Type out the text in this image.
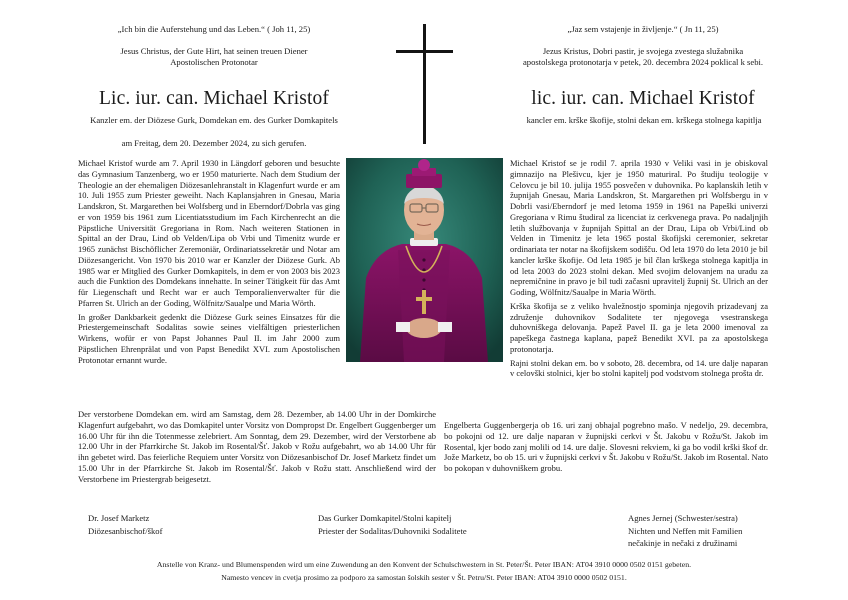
„Ich bin die Auferstehung und das Leben.“ ( Joh 11, 25)
Jesus Christus, der Gute Hirt, hat seinen treuen Diener
Apostolischen Protonotar
Lic. iur. can. Michael Kristof
Kanzler em. der Diözese Gurk, Domdekan em. des Gurker Domkapitels
am Freitag, dem 20. Dezember 2024, zu sich gerufen.
„Jaz sem vstajenje in življenje.“ ( Jn 11, 25)
Jezus Kristus, Dobri pastir, je svojega zvestega služabnika
apostolskega protonotarja v petek, 20. decembra 2024 poklical k sebi.
lic. iur. can. Michael Kristof
kancler em. krške škofije, stolni dekan em. krškega stolnega kapitlja

Michael Kristof wurde am 7. April 1930 in Längdorf geboren und besuchte das Gymnasium Tanzenberg, wo er 1950 maturierte. Nach dem Studium der Theologie an der ehemaligen Diözesanlehranstalt in Klagenfurt wurde er am 10. Juli 1955 zum Priester geweiht. Nach Kaplansjahren in Gnesau, Maria Landskron, St. Margarethen bei Wolfsberg und in Eberndorf/Dobrla vas ging er von 1959 bis 1961 zum Licentiatsstudium im Fach Kirchenrecht an die Päpstliche Universität Gregoriana in Rom. Nach weiteren Stationen in Spittal an der Drau, Lind ob Velden/Lipa ob Vrbi und Timenitz wurde er 1965 zunächst Bischöflicher Zeremoniär, Ordinariatssekretär und Notar am Diözesangericht. Von 1970 bis 2010 war er Kanzler der Diözese Gurk. Ab 1985 war er Mitglied des Gurker Domkapitels, in dem er von 2003 bis 2023 auch die Funktion des Domdekans innehatte. In seiner Tätigkeit für das Amt für Liegenschaft und Recht war er auch Temporalienverwalter für die Pfarren St. Ulrich an der Goding, Wölfnitz/Saualpe und Maria Wörth.

In großer Dankbarkeit gedenkt die Diözese Gurk seines Einsatzes für die Priestergemeinschaft Sodalitas sowie seines vielfältigen priesterlichen Wirkens, wofür er von Papst Johannes Paul II. im Jahr 2000 zum Päpstlichen Ehrenprälat und von Papst Benedikt XVI. zum Apostolischen Protonotar ernannt wurde.

Der verstorbene Domdekan em. wird am Samstag, dem 28. Dezember, ab 14.00 Uhr in der Domkirche Klagenfurt aufgebahrt, wo das Domkapitel unter Vorsitz von Dompropst Dr. Engelbert Guggenberger um 16.00 Uhr für ihn die Totenmesse zelebriert. Am Sonntag, dem 29. Dezember, wird der Verstorbene ab 12.00 Uhr in der Pfarrkirche St. Jakob im Rosental/Šť. Jakob v Rožu aufgebahrt, wo ab 14.00 Uhr für ihn gebetet wird. Das feierliche Requiem unter Vorsitz von Diözesanbischof Dr. Josef Marketz findet um 15.00 Uhr in der Pfarrkirche St. Jakob im Rosental/Šť. Jakob v Rožu statt. Anschließend wird der Verstorbene im Priestergrab beigesetzt.

Michael Kristof se je rodil 7. aprila 1930 v Veliki vasi in je obiskoval gimnazijo na Plešivcu, kjer je 1950 maturiral. Po študiju teologije v Celovcu je bil 10. julija 1955 posvečen v duhovnika. Po kaplanskih letih v župnijah Gnesau, Maria Landskron, St. Margarethen pri Wolfsbergu in v Dobrli vasi/Eberndorf je med letoma 1959 in 1961 na Papeški univerzi Gregoriana v Rimu študiral za licenciat iz cerkvenega prava. Po nadaljnjih letih službovanja v župnijah Spittal an der Drau, Lipa ob Vrbi/Lind ob Velden in Timenitz je leta 1965 postal škofijski ceremonier, sekretar ordinariata ter notar na škofijskem sodišču. Od leta 1970 do leta 2010 je bil kancler krške škofije. Od leta 1985 je bil član krškega stolnega kapitlja in od leta 2003 do 2023 stolni dekan. Med svojim delovanjem na uradu za nepremičnine in pravo je bil tudi začasni upravitelj župnij St. Ulrich an der Goding, Wölfnitz/Saualpe in Maria Wörth.

Krška škofija se z veliko hvaležnostjo spominja njegovih prizadevanj za združenje duhovnikov Sodalitete ter njegovega vsestranskega duhovniškega delovanja. Papež Pavel II. ga je leta 2000 imenoval za papeškega častnega kaplana, papež Benedikt XVI. pa za apostolskega protonotarja.

Rajni stolni dekan em. bo v soboto, 28. decembra, od 14. ure dalje naparan v celovški stolnici, kjer bo stolni kapitelj pod vodstvom stolnega prošta dr.

Engelberta Guggenbergerja ob 16. uri zanj obhajal pogrebno mašo. V nedeljo, 29. decembra, bo pokojni od 12. ure dalje naparan v župnijski cerkvi v Št. Jakobu v Rožu/St. Jakob im Rosental, kjer bodo zanj molili od 14. ure dalje. Slovesni rekviem, ki ga bo vodil krški škof dr. Jože Marketz, bo ob 15. uri v župnijski cerkvi v Št. Jakobu v Rožu/St. Jakob im Rosental. Nato bo pokopan v duhovniškem grobu.
Dr. Josef Marketz
Diözesanbischof/škof
Das Gurker Domkapitel/Stolni kapitelj
Priester der Sodalitas/Duhovniki Sodalitete
Agnes Jernej (Schwester/sestra)
Nichten und Neffen mit Familien
nečakinje in nečaki z družinami
Anstelle von Kranz- und Blumenspenden wird um eine Zuwendung an den Konvent der Schulschwestern in St. Peter/Št. Peter IBAN: AT04 3910 0000 0502 0151 gebeten.
Namesto vencev in cvetja prosimo za podporo za samostan šolskih sester v Št. Petru/St. Peter IBAN: AT04 3910 0000 0502 0151.
